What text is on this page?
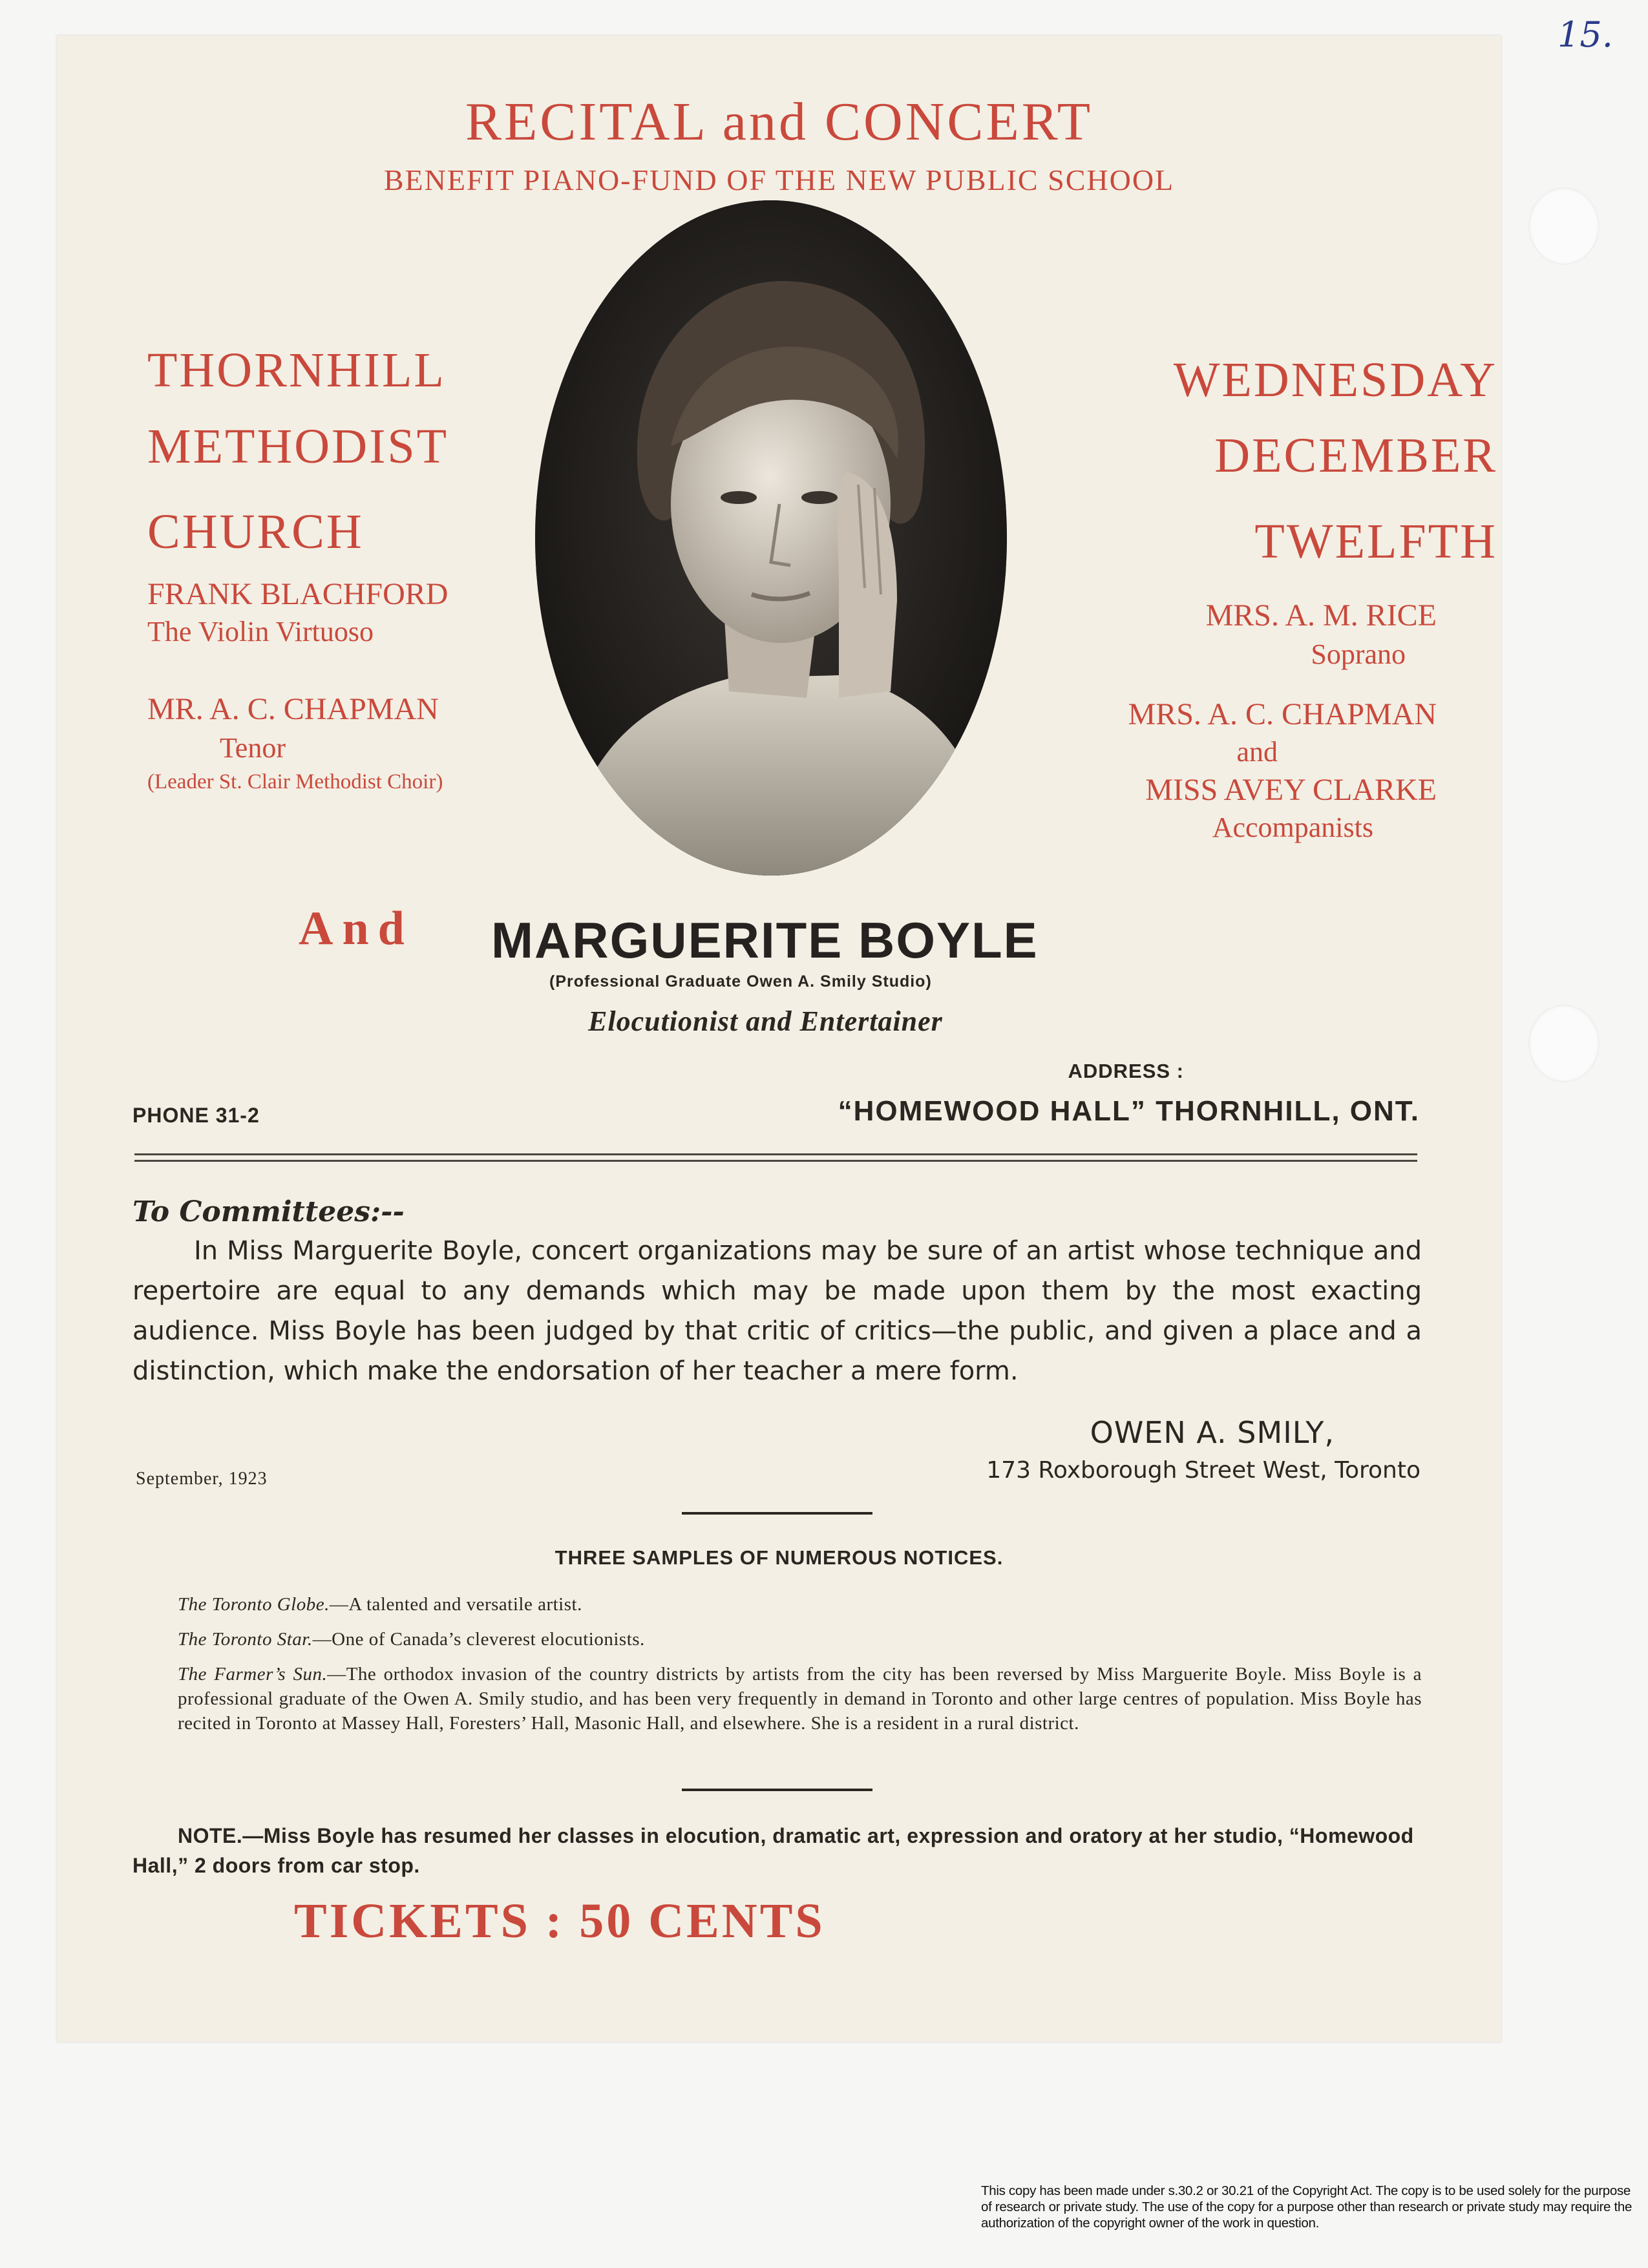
15.

RECITAL and CONCERT

BENEFIT PIANO-FUND OF THE NEW PUBLIC SCHOOL

THORNHILL

METHODIST

CHURCH

FRANK BLACHFORD

The Violin Virtuoso

MR. A. C. CHAPMAN

Tenor

(Leader St. Clair Methodist Choir)

WEDNESDAY

DECEMBER

TWELFTH

MRS. A. M. RICE

Soprano

MRS. A. C. CHAPMAN

and

MISS AVEY CLARKE

Accompanists

And MARGUERITE BOYLE

(Professional Graduate Owen A. Smily Studio)

Elocutionist and Entertainer

ADDRESS :

“HOMEWOOD HALL” THORNHILL, ONT.

PHONE 31-2

To Committees:--

In Miss Marguerite Boyle, concert organizations may be sure of an artist whose technique and repertoire are equal to any demands which may be made upon them by the most exacting audience. Miss Boyle has been judged by that critic of critics—the public, and given a place and a distinction, which make the endorsation of her teacher a mere form.

OWEN A. SMILY,

173 Roxborough Street West, Toronto

September, 1923

THREE SAMPLES OF NUMEROUS NOTICES.

The Toronto Globe.—A talented and versatile artist.

The Toronto Star.—One of Canada’s cleverest elocutionists.

The Farmer’s Sun.—The orthodox invasion of the country districts by artists from the city has been reversed by Miss Marguerite Boyle. Miss Boyle is a professional graduate of the Owen A. Smily studio, and has been very frequently in demand in Toronto and other large centres of population. Miss Boyle has recited in Toronto at Massey Hall, Foresters’ Hall, Masonic Hall, and elsewhere. She is a resident in a rural district.

NOTE.—Miss Boyle has resumed her classes in elocution, dramatic art, expression and oratory at her studio, “Homewood Hall,” 2 doors from car stop.

TICKETS : 50 CENTS

This copy has been made under s.30.2 or 30.21 of the Copyright Act. The copy is to be used solely for the purpose of research or private study. The use of the copy for a purpose other than research or private study may require the authorization of the copyright owner of the work in question.
